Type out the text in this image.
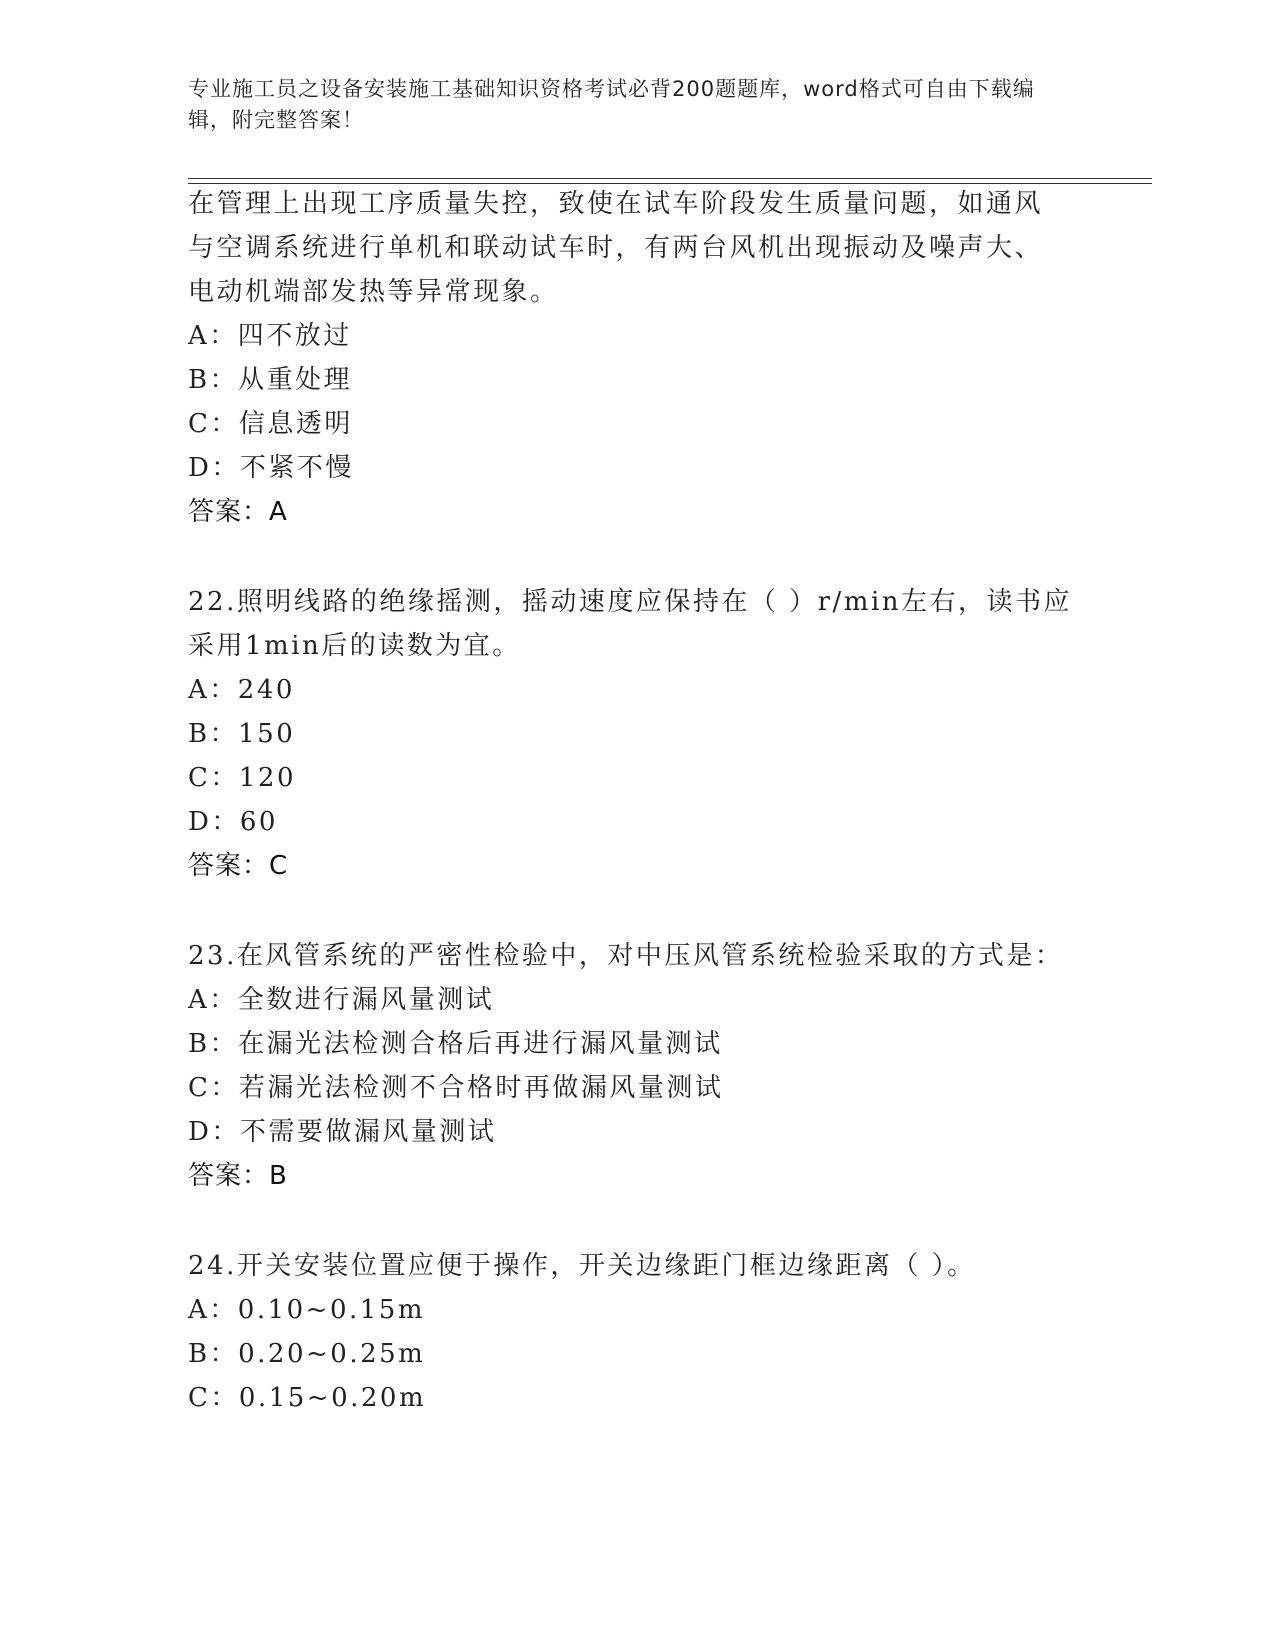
专业施工员之设备安装施工基础知识资格考试必背200题题库，word格式可自由下载编辑，附完整答案！
在管理上出现工序质量失控，致使在试车阶段发生质量问题，如通风
与空调系统进行单机和联动试车时，有两台风机出现振动及噪声大、
电动机端部发热等异常现象。
A：四不放过
B：从重处理
C：信息透明
D：不紧不慢
答案：A
22.照明线路的绝缘摇测，摇动速度应保持在（ ）r/min左右，读书应
采用1min后的读数为宜。
A：240
B：150
C：120
D：60
答案：C
23.在风管系统的严密性检验中，对中压风管系统检验采取的方式是：
A：全数进行漏风量测试
B：在漏光法检测合格后再进行漏风量测试
C：若漏光法检测不合格时再做漏风量测试
D：不需要做漏风量测试
答案：B
24.开关安装位置应便于操作，开关边缘距门框边缘距离（ ）。
A：0.10~0.15m
B：0.20~0.25m
C：0.15~0.20m
